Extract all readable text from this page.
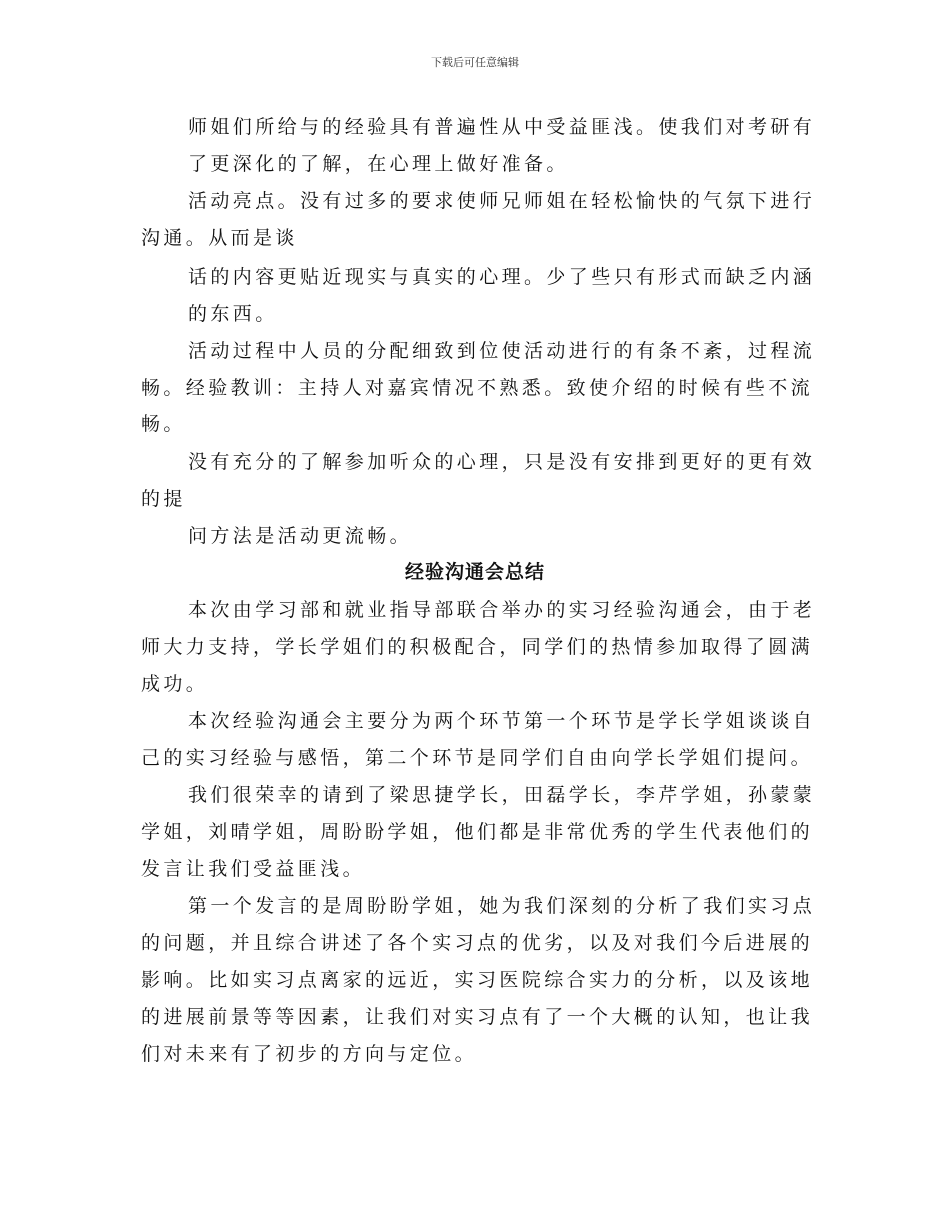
下载后可任意编辑
师姐们所给与的经验具有普遍性从中受益匪浅。使我们对考研有
了更深化的了解，在心理上做好准备。
活动亮点。没有过多的要求使师兄师姐在轻松愉快的气氛下进行
沟通。从而是谈
话的内容更贴近现实与真实的心理。少了些只有形式而缺乏内涵
的东西。
活动过程中人员的分配细致到位使活动进行的有条不紊，过程流
畅。经验教训：主持人对嘉宾情况不熟悉。致使介绍的时候有些不流
畅。
没有充分的了解参加听众的心理，只是没有安排到更好的更有效
的提
问方法是活动更流畅。
经验沟通会总结
本次由学习部和就业指导部联合举办的实习经验沟通会，由于老
师大力支持，学长学姐们的积极配合，同学们的热情参加取得了圆满
成功。
本次经验沟通会主要分为两个环节第一个环节是学长学姐谈谈自
己的实习经验与感悟，第二个环节是同学们自由向学长学姐们提问。
我们很荣幸的请到了梁思捷学长，田磊学长，李芹学姐，孙蒙蒙
学姐，刘晴学姐，周盼盼学姐，他们都是非常优秀的学生代表他们的
发言让我们受益匪浅。
第一个发言的是周盼盼学姐，她为我们深刻的分析了我们实习点
的问题，并且综合讲述了各个实习点的优劣，以及对我们今后进展的
影响。比如实习点离家的远近，实习医院综合实力的分析，以及该地
的进展前景等等因素，让我们对实习点有了一个大概的认知，也让我
们对未来有了初步的方向与定位。
